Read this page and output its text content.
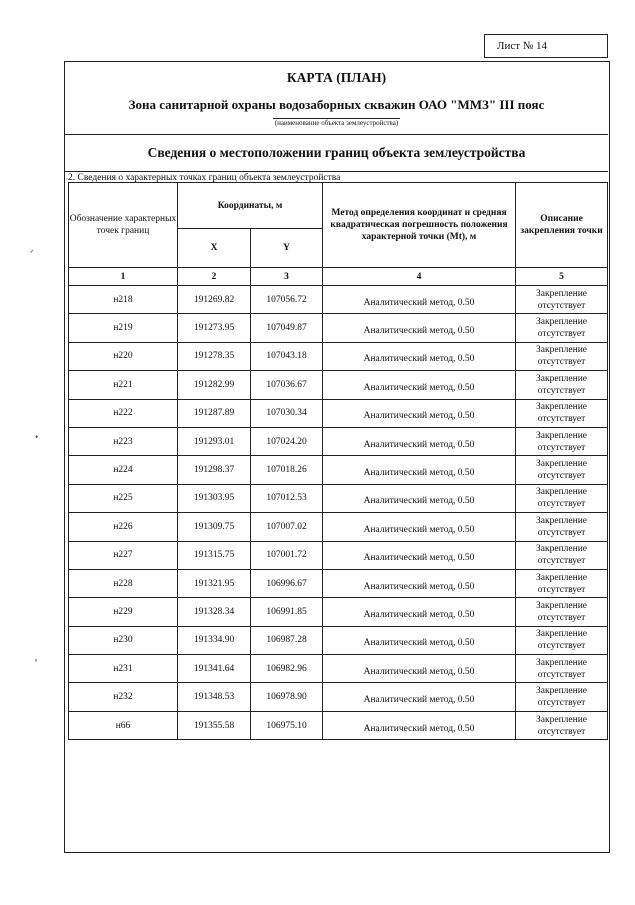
Лист № 14
ᐟ
•
ᵉ
КАРТА (ПЛАН)
Зона санитарной охраны водозаборных скважин ОАО "ММЗ" III пояс
(наименование объекта землеустройства)
Сведения о местоположении границ объекта землеустройства
2. Сведения о характерных точках границ объекта землеустройства
Обозначение характерных точек границ	Координаты, м		Метод определения координат и средняя квадратическая погрешность положения характерной точки (Mt), м	Описание закрепления точки
	X	Y		
1	2	3	4	5
н218	191269.82	107056.72	Аналитический метод, 0.50	Закрепление
отсутствует

н219	191273.95	107049.87	Аналитический метод, 0.50	Закрепление
отсутствует

н220	191278.35	107043.18	Аналитический метод, 0.50	Закрепление
отсутствует

н221	191282.99	107036.67	Аналитический метод, 0.50	Закрепление
отсутствует

н222	191287.89	107030.34	Аналитический метод, 0.50	Закрепление
отсутствует

н223	191293.01	107024.20	Аналитический метод, 0.50	Закрепление
отсутствует

н224	191298.37	107018.26	Аналитический метод, 0.50	Закрепление
отсутствует

н225	191303.95	107012.53	Аналитический метод, 0.50	Закрепление
отсутствует

н226	191309.75	107007.02	Аналитический метод, 0.50	Закрепление
отсутствует

н227	191315.75	107001.72	Аналитический метод, 0.50	Закрепление
отсутствует

н228	191321.95	106996.67	Аналитический метод, 0.50	Закрепление
отсутствует

н229	191328.34	106991.85	Аналитический метод, 0.50	Закрепление
отсутствует

н230	191334.90	106987.28	Аналитический метод, 0.50	Закрепление
отсутствует

н231	191341.64	106982.96	Аналитический метод, 0.50	Закрепление
отсутствует

н232	191348.53	106978.90	Аналитический метод, 0.50	Закрепление
отсутствует

н66	191355.58	106975.10	Аналитический метод, 0.50	Закрепление
отсутствует
